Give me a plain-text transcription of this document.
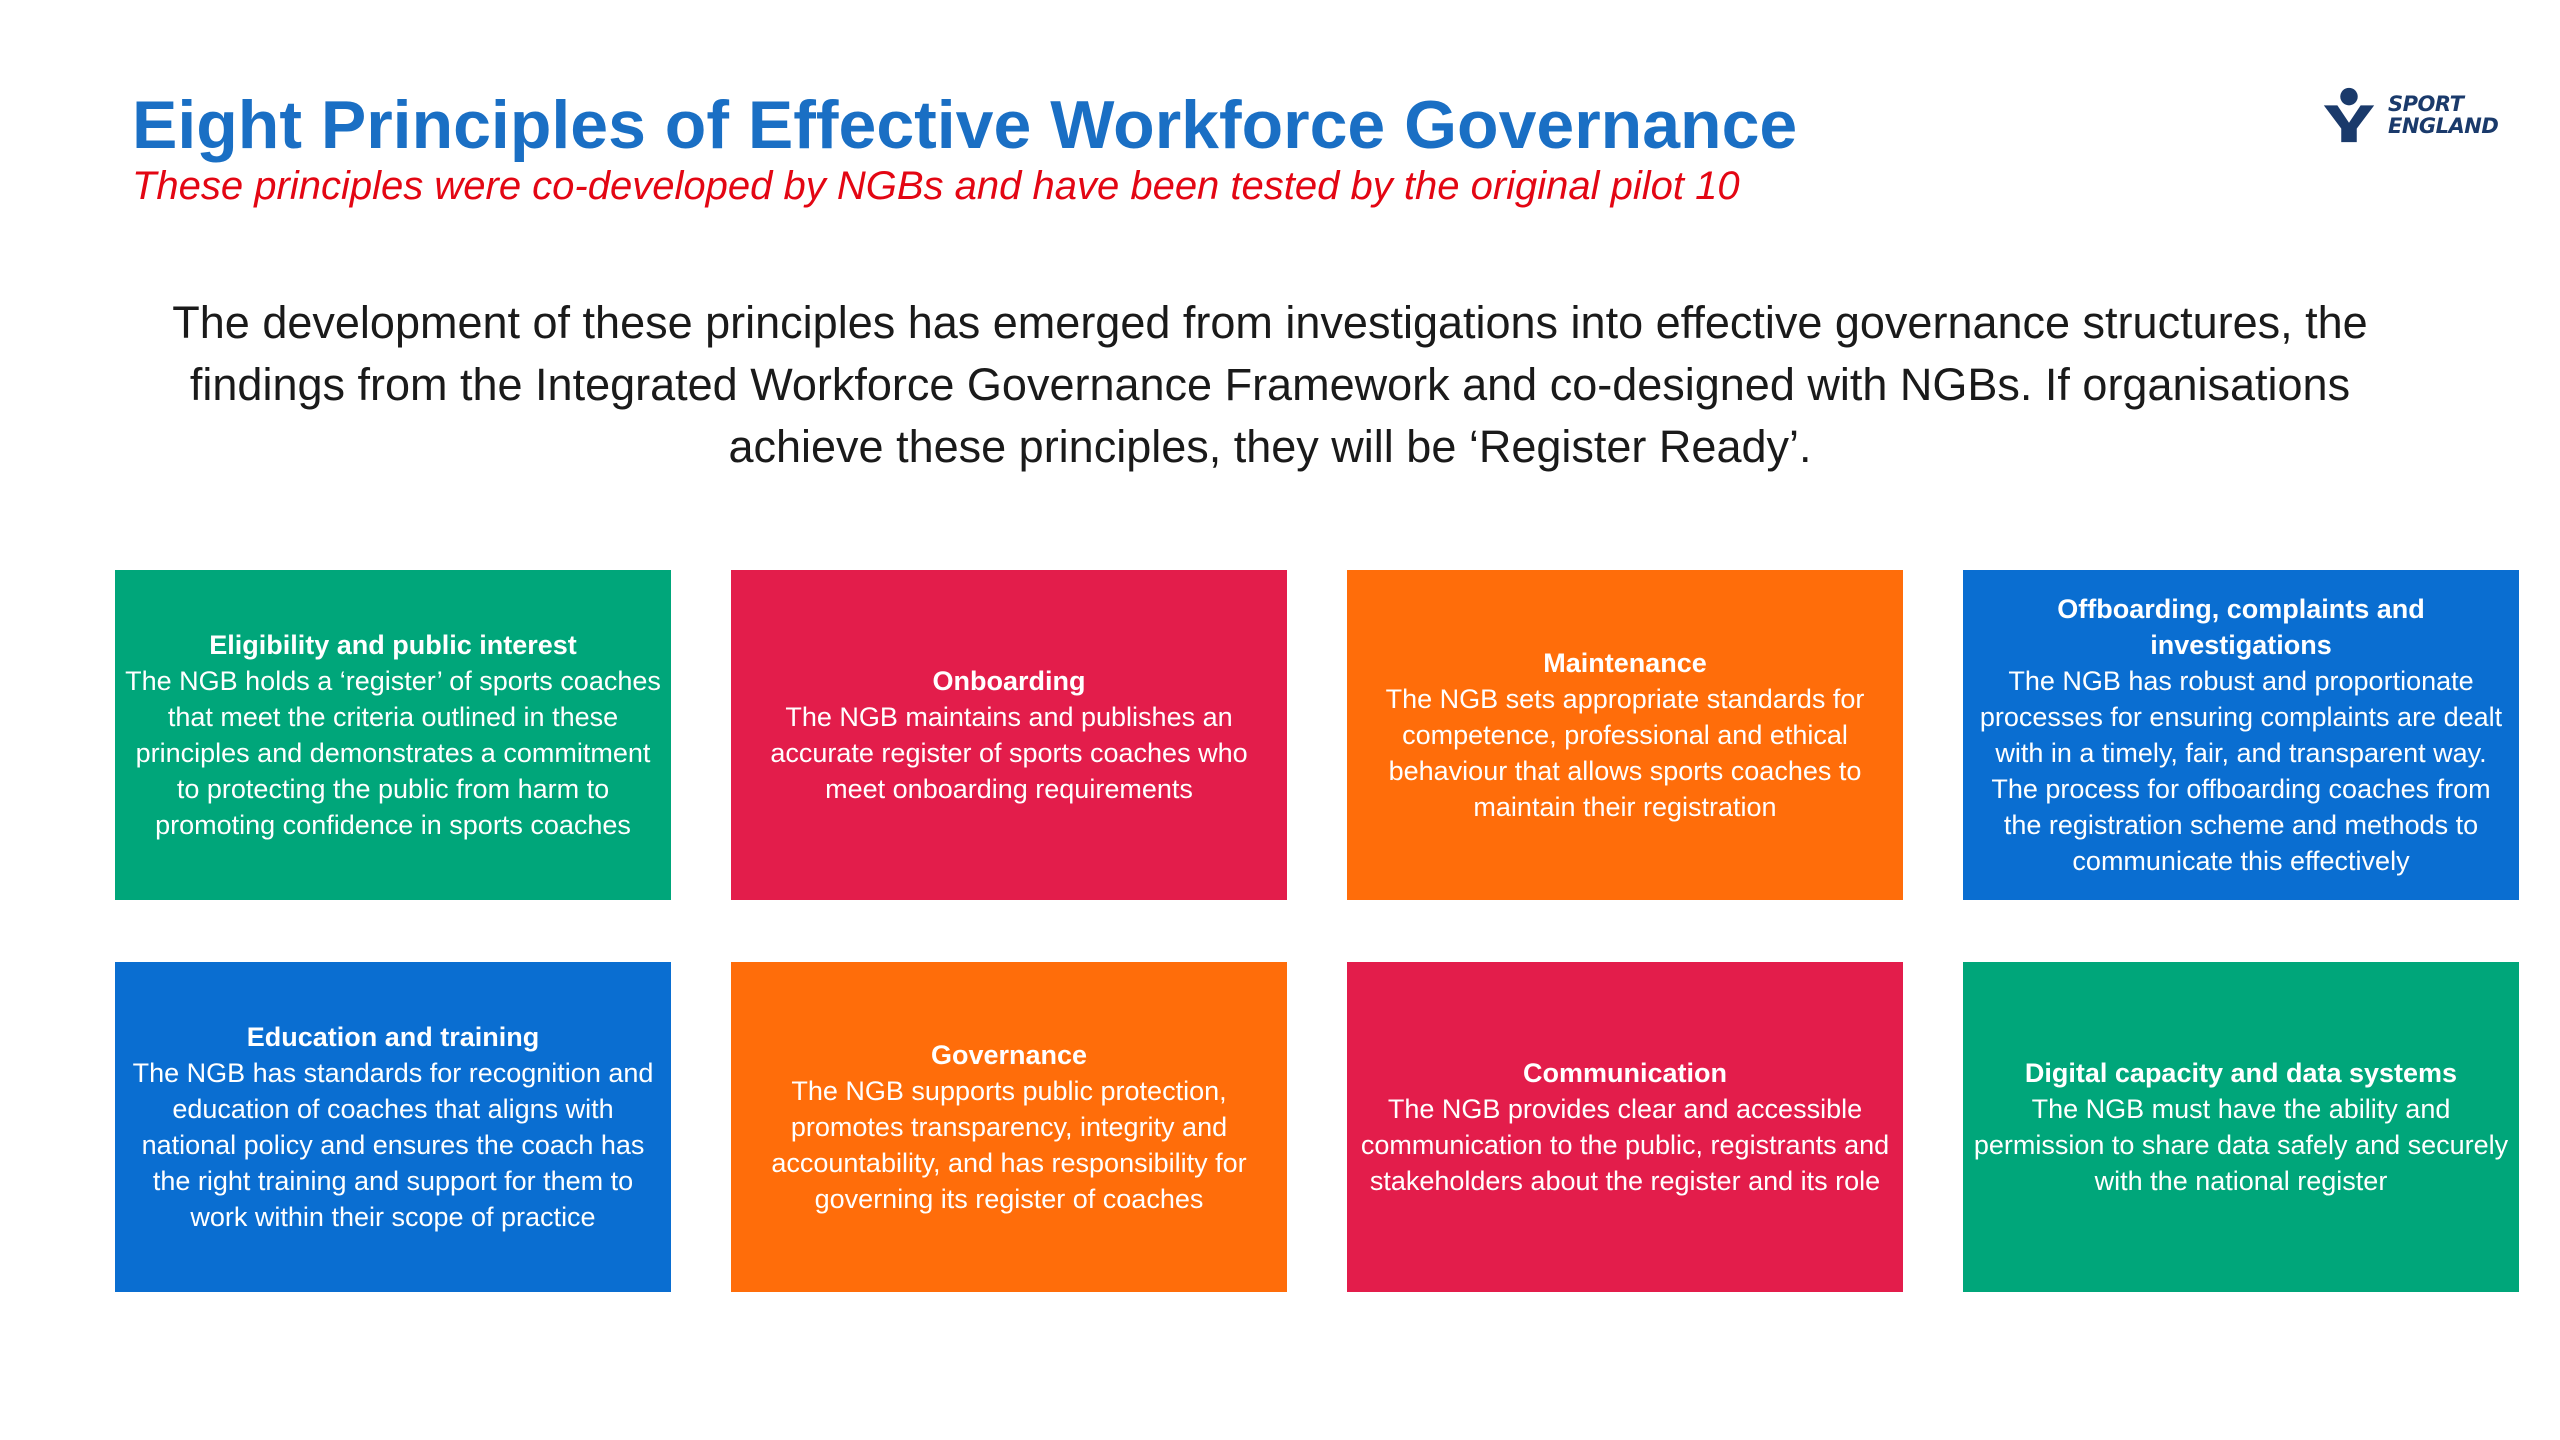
Eight Principles of Effective Workforce Governance

These principles were co-developed by NGBs and have been tested by the original pilot 10

SPORT
ENGLAND

The development of these principles has emerged from investigations into effective governance structures, the findings from the Integrated Workforce Governance Framework and co-designed with NGBs. If organisations achieve these principles, they will be ‘Register Ready’.

Eligibility and public interest
The NGB holds a ‘register’ of sports coaches that meet the criteria outlined in these principles and demonstrates a commitment to protecting the public from harm to promoting confidence in sports coaches
Onboarding
The NGB maintains and publishes an accurate register of sports coaches who meet onboarding requirements
Maintenance
The NGB sets appropriate standards for competence, professional and ethical behaviour that allows sports coaches to maintain their registration
Offboarding, complaints and investigations
The NGB has robust and proportionate processes for ensuring complaints are dealt with in a timely, fair, and transparent way. The process for offboarding coaches from the registration scheme and methods to communicate this effectively
Education and training
The NGB has standards for recognition and education of coaches that aligns with national policy and ensures the coach has the right training and support for them to work within their scope of practice
Governance
The NGB supports public protection, promotes transparency, integrity and accountability, and has responsibility for governing its register of coaches
Communication
The NGB provides clear and accessible communication to the public, registrants and stakeholders about the register and its role
Digital capacity and data systems
The NGB must have the ability and permission to share data safely and securely with the national register
